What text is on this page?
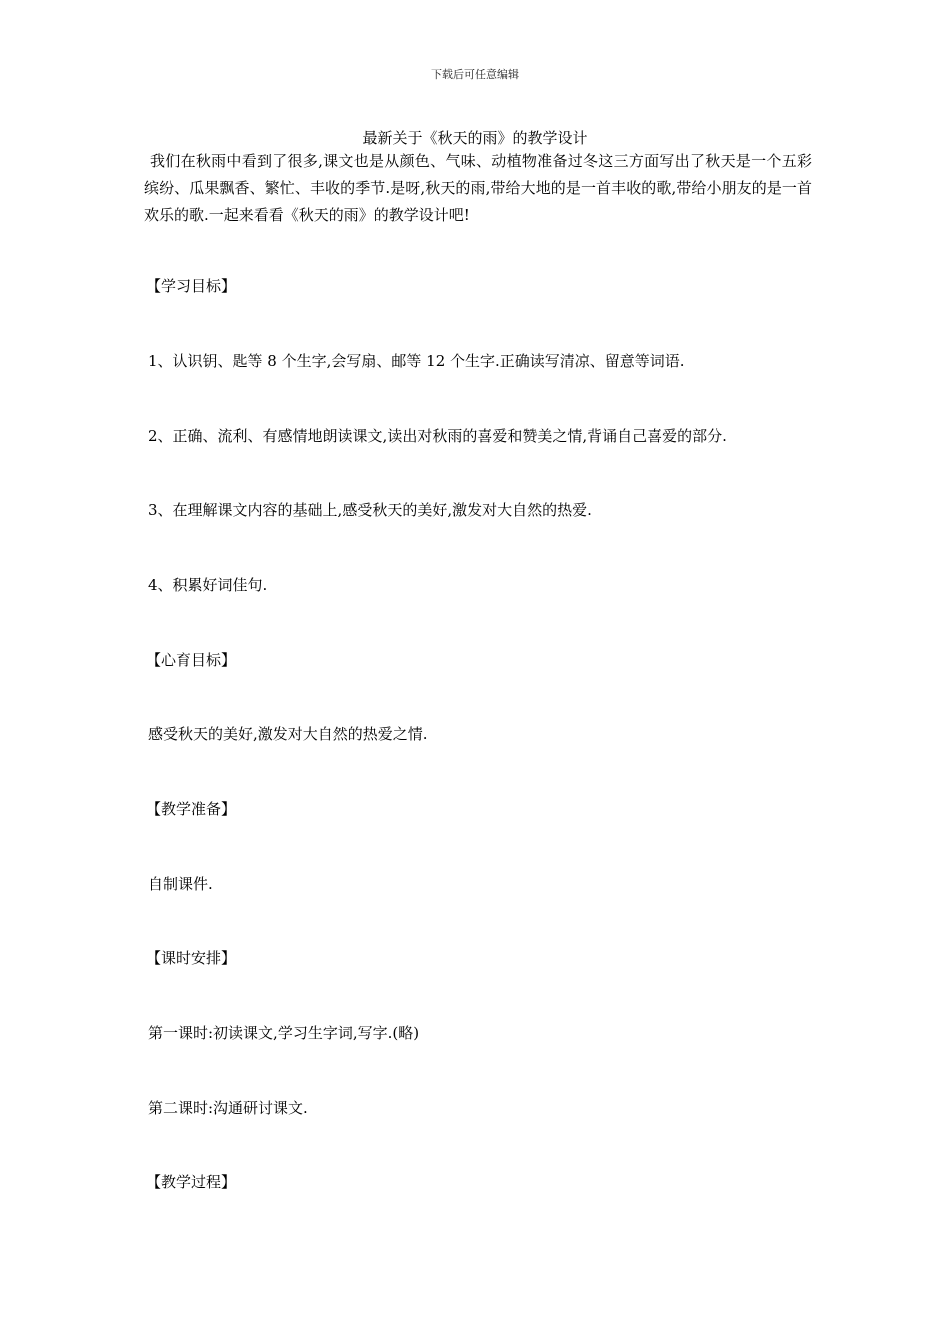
下载后可任意编辑
最新关于《秋天的雨》的教学设计
我们在秋雨中看到了很多,课文也是从颜色、气味、动植物准备过冬这三方面写出了秋天是一个五彩缤纷、瓜果飘香、繁忙、丰收的季节.是呀,秋天的雨,带给大地的是一首丰收的歌,带给小朋友的是一首欢乐的歌.一起来看看《秋天的雨》的教学设计吧!
【学习目标】
1、认识钥、匙等 8 个生字,会写扇、邮等 12 个生字.正确读写清凉、留意等词语.
2、正确、流利、有感情地朗读课文,读出对秋雨的喜爱和赞美之情,背诵自己喜爱的部分.
3、在理解课文内容的基础上,感受秋天的美好,激发对大自然的热爱.
4、积累好词佳句.
【心育目标】
感受秋天的美好,激发对大自然的热爱之情.
【教学准备】
自制课件.
【课时安排】
第一课时:初读课文,学习生字词,写字.(略)
第二课时:沟通研讨课文.
【教学过程】
